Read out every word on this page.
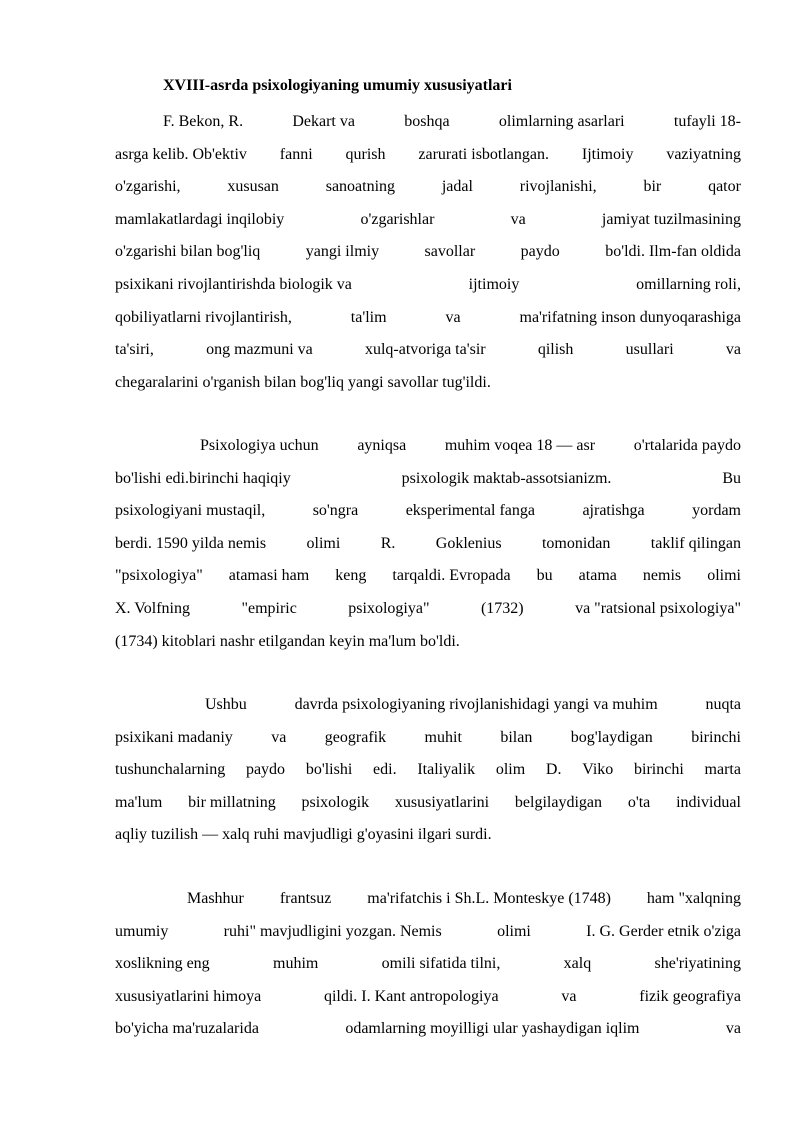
XVIII-asrda psixologiyaning umumiy xususiyatlari
F. Bekon, R.	Dekart va	boshqa	olimlarning asarlari	tufayli 18-
asrga kelib. Ob'ektiv fanni qurish zarurati isbotlangan. Ijtimoiy vaziyatning
o'zgarishi,	xususan	sanoatning	jadal	rivojlanishi,	bir	qator
mamlakatlardagi inqilobiy	o'zgarishlar	va	jamiyat tuzilmasining
o'zgarishi bilan bog'liq	yangi ilmiy	savollar	paydo	bo'ldi. Ilm-fan oldida
psixikani rivojlantirishda biologik va	ijtimoiy	omillarning roli,
qobiliyatlarni rivojlantirish,	ta'lim	va	ma'rifatning inson dunyoqarashiga
ta'siri,	ong mazmuni va	xulq-atvoriga ta'sir	qilish	usullari	va
chegaralarini o'rganish bilan bog'liq yangi savollar tug'ildi.
Psixologiya uchun ayniqsa muhim voqea 18 — asr o'rtalarida paydo
bo'lishi edi.birinchi haqiqiy	psixologik maktab-assotsianizm.	Bu
psixologiyani mustaqil,	so'ngra	eksperimental fanga	ajratishga	yordam
berdi. 1590 yilda nemis	olimi	R.	Goklenius	tomonidan	taklif qilingan
"psixologiya" atamasi ham keng tarqaldi. Evropada bu atama nemis olimi
X. Volfning	"empiric	psixologiya"	(1732)	va "ratsional psixologiya"
(1734) kitoblari nashr etilgandan keyin ma'lum bo'ldi.
Ushbu	davrda psixologiyaning rivojlanishidagi yangi va muhim	nuqta
psixikani madaniy va geografik muhit bilan bog'laydigan birinchi
tushunchalarning paydo bo'lishi edi. Italiyalik olim D. Viko birinchi marta
ma'lum bir millatning psixologik xususiyatlarini belgilaydigan o'ta individual
aqliy tuzilish — xalq ruhi mavjudligi g'oyasini ilgari surdi.
Mashhur frantsuz ma'rifatchis i Sh.L. Monteskye (1748) ham "xalqning
umumiy	ruhi" mavjudligini yozgan. Nemis	olimi	I. G. Gerder etnik o'ziga
xoslikning eng	muhim	omili sifatida tilni,	xalq	she'riyatining
xususiyatlarini himoya	qildi. I. Kant antropologiya	va	fizik geografiya
bo'yicha ma'ruzalarida	odamlarning moyilligi ular yashaydigan iqlim	va
